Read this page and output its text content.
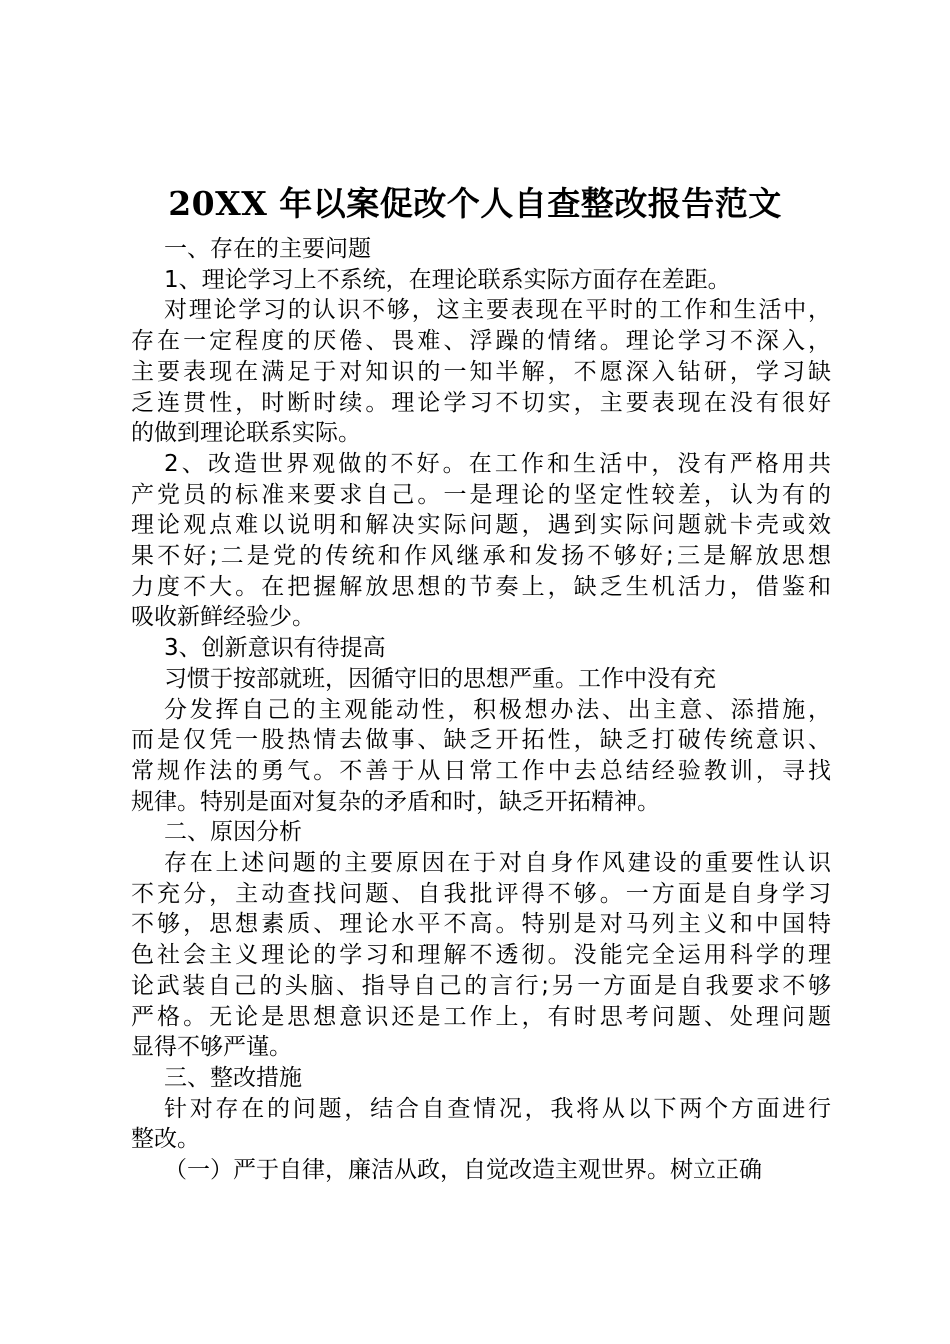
20XX 年以案促改个人自查整改报告范文
一、存在的主要问题
1、理论学习上不系统，在理论联系实际方面存在差距。
对理论学习的认识不够，这主要表现在平时的工作和生活中，
存在一定程度的厌倦、畏难、浮躁的情绪。理论学习不深入，
主要表现在满足于对知识的一知半解，不愿深入钻研，学习缺
乏连贯性，时断时续。理论学习不切实，主要表现在没有很好
的做到理论联系实际。
2、改造世界观做的不好。在工作和生活中，没有严格用共
产党员的标准来要求自己。一是理论的坚定性较差，认为有的
理论观点难以说明和解决实际问题，遇到实际问题就卡壳或效
果不好;二是党的传统和作风继承和发扬不够好;三是解放思想
力度不大。在把握解放思想的节奏上，缺乏生机活力，借鉴和
吸收新鲜经验少。
3、创新意识有待提高
习惯于按部就班，因循守旧的思想严重。工作中没有充
分发挥自己的主观能动性，积极想办法、出主意、添措施，
而是仅凭一股热情去做事、缺乏开拓性，缺乏打破传统意识、
常规作法的勇气。不善于从日常工作中去总结经验教训，寻找
规律。特别是面对复杂的矛盾和时，缺乏开拓精神。
二、原因分析
存在上述问题的主要原因在于对自身作风建设的重要性认识
不充分，主动查找问题、自我批评得不够。一方面是自身学习
不够，思想素质、理论水平不高。特别是对马列主义和中国特
色社会主义理论的学习和理解不透彻。没能完全运用科学的理
论武装自己的头脑、指导自己的言行;另一方面是自我要求不够
严格。无论是思想意识还是工作上，有时思考问题、处理问题
显得不够严谨。
三、整改措施
针对存在的问题，结合自查情况，我将从以下两个方面进行
整改。
（一）严于自律，廉洁从政，自觉改造主观世界。树立正确
